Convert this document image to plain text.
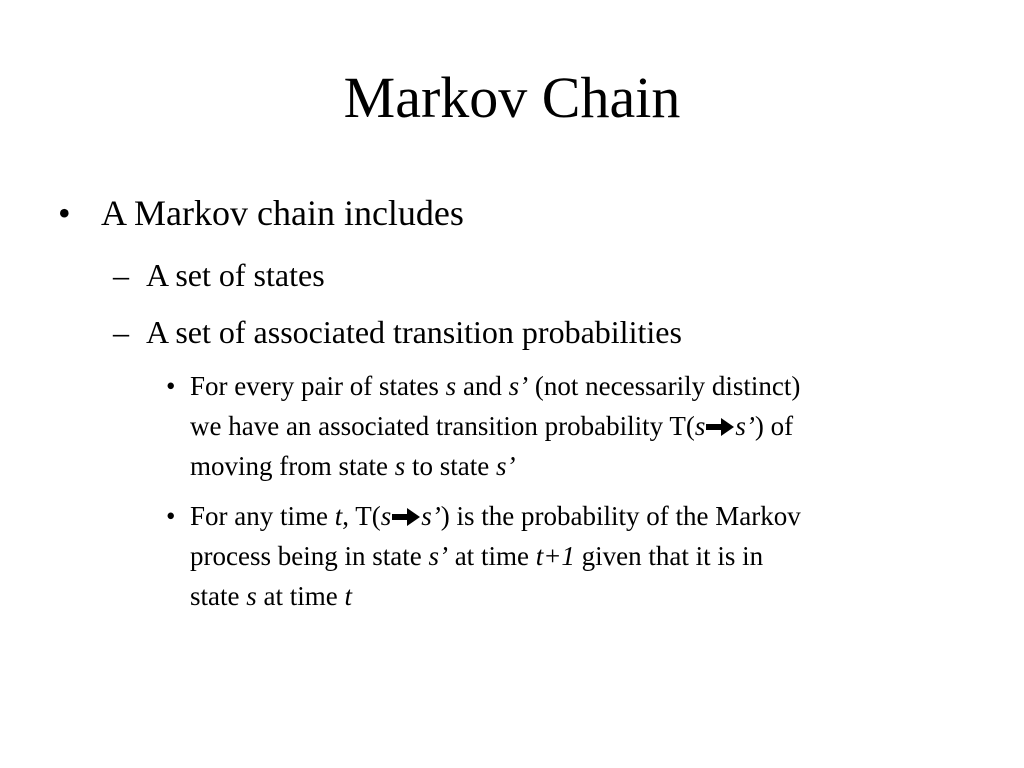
Markov Chain
• A Markov chain includes
– A set of states
– A set of associated transition probabilities
• For every pair of states s and s’ (not necessarily distinct)
we have an associated transition probability T(s s’) of
moving from state s to state s’
• For any time t, T(s s’) is the probability of the Markov
process being in state s’ at time t+1 given that it is in
state s at time t
